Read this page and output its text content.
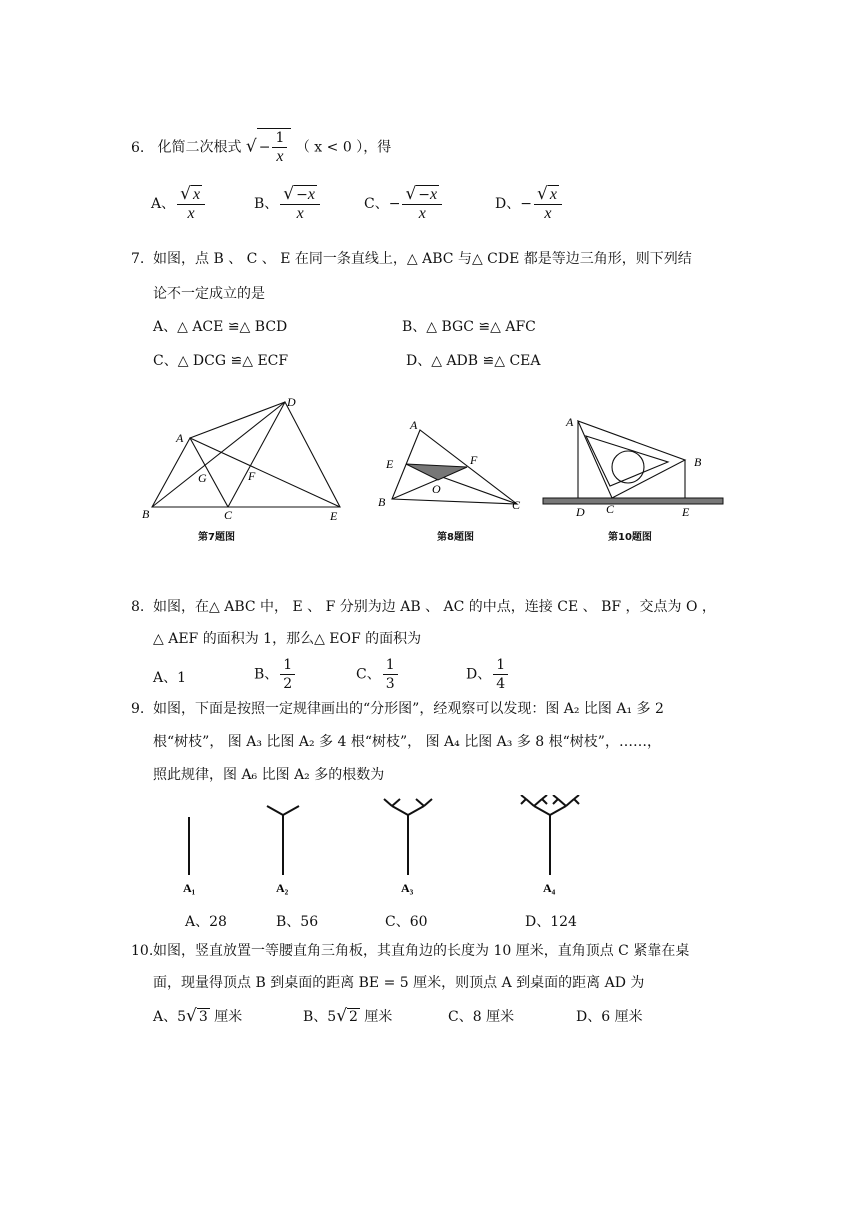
6. 化简二次根式 √ − $\frac{1}{x}$ （ x < 0 ），得
A、 $\frac{√ x}{x}$	B、 $\frac{√ -x}{x}$	C、− $\frac{√ -x}{x}$	D、− $\frac{√ x}{x}$
7. 如图，点 B 、 C 、 E 在同一条直线上，△ ABC 与△ CDE 都是等边三角形，则下列结
论不一定成立的是
A、△ ACE ≌△ BCD	B、△ BGC ≌△ AFC
C、△ DCG ≌△ ECF	D、△ ADB ≌△ CEA
B
A
C
D
E
G	F
第7题图
A
E	F
O
B	C
第8题图
A
B
C
D	E
第10题图
8. 如图，在△ ABC 中， E 、 F 分别为边 AB 、 AC 的中点，连接 CE 、 BF ，交点为 O ，
△ AEF 的面积为 1，那么△ EOF 的面积为
A、1	B、 $\frac{1}{2}$	C、 $\frac{1}{3}$	D、 $\frac{1}{4}$
9. 如图，下面是按照一定规律画出的“分形图”，经观察可以发现：图 A₂ 比图 A₁ 多 2
根“树枝”， 图 A₃ 比图 A₂ 多 4 根“树枝”， 图 A₄ 比图 A₃ 多 8 根“树枝”，……，
照此规律，图 A₆ 比图 A₂ 多的根数为
A₁	A₂	A₃	A₄
A、28	B、56	C、60	D、124
10.如图，竖直放置一等腰直角三角板，其直角边的长度为 10 厘米，直角顶点 C 紧靠在桌
面，现量得顶点 B 到桌面的距离 BE = 5 厘米，则顶点 A 到桌面的距离 AD 为
A、5√ 3 厘米	B、5√ 2 厘米	C、8 厘米	D、6 厘米
